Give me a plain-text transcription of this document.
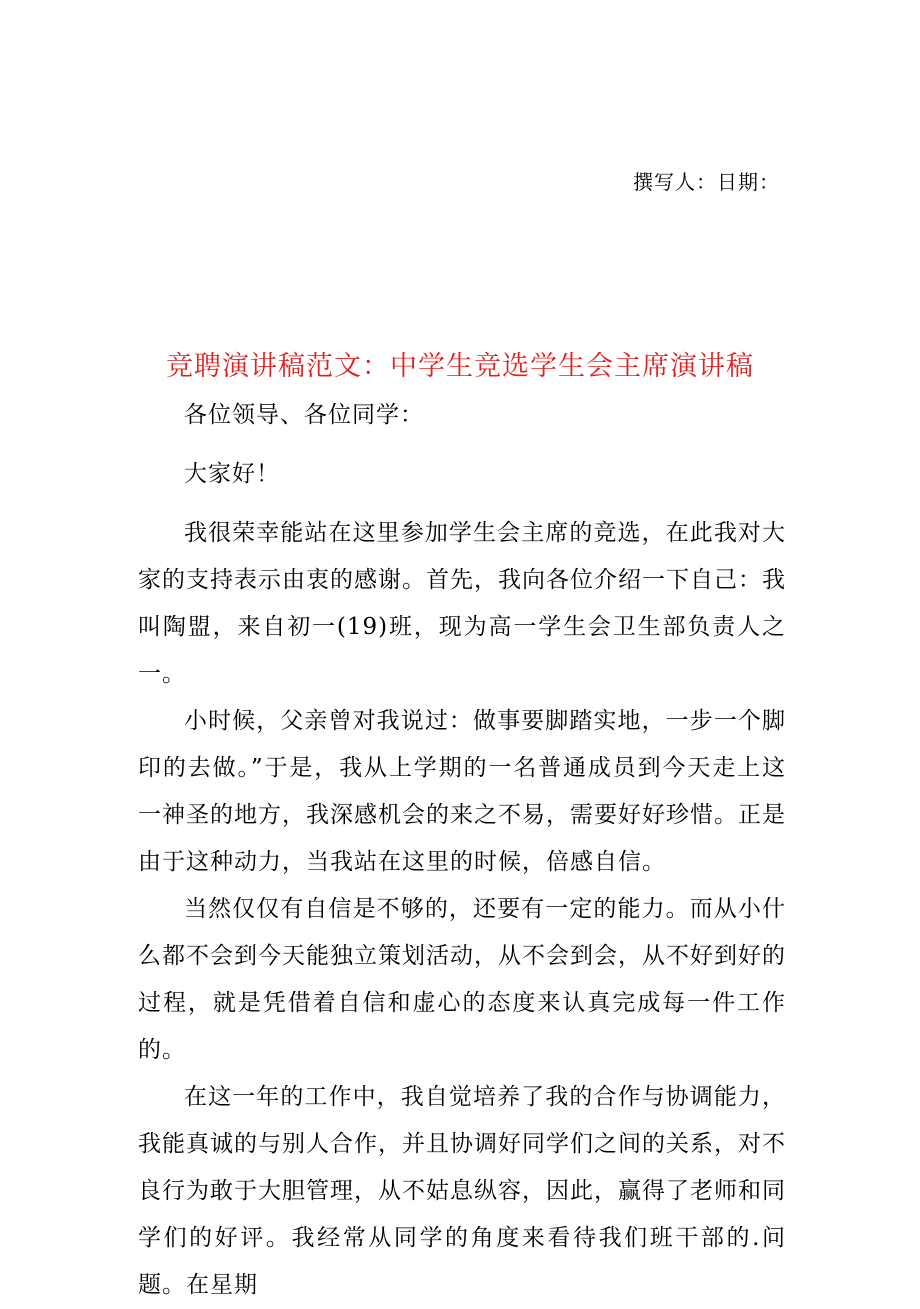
撰写人：日期：
竞聘演讲稿范文：中学生竞选学生会主席演讲稿

各位领导、各位同学：

大家好！

我很荣幸能站在这里参加学生会主席的竞选，在此我对大家的支持表示由衷的感谢。首先，我向各位介绍一下自己：我叫陶盟，来自初一(19)班，现为高一学生会卫生部负责人之一。

小时候，父亲曾对我说过：做事要脚踏实地，一步一个脚印的去做。”于是，我从上学期的一名普通成员到今天走上这一神圣的地方，我深感机会的来之不易，需要好好珍惜。正是由于这种动力，当我站在这里的时候，倍感自信。

当然仅仅有自信是不够的，还要有一定的能力。而从小什么都不会到今天能独立策划活动，从不会到会，从不好到好的过程，就是凭借着自信和虚心的态度来认真完成每一件工作的。

在这一年的工作中，我自觉培养了我的合作与协调能力，我能真诚的与别人合作，并且协调好同学们之间的关系，对不良行为敢于大胆管理，从不姑息纵容，因此，赢得了老师和同学们的好评。我经常从同学的角度来看待我们班干部的.问题。在星期
